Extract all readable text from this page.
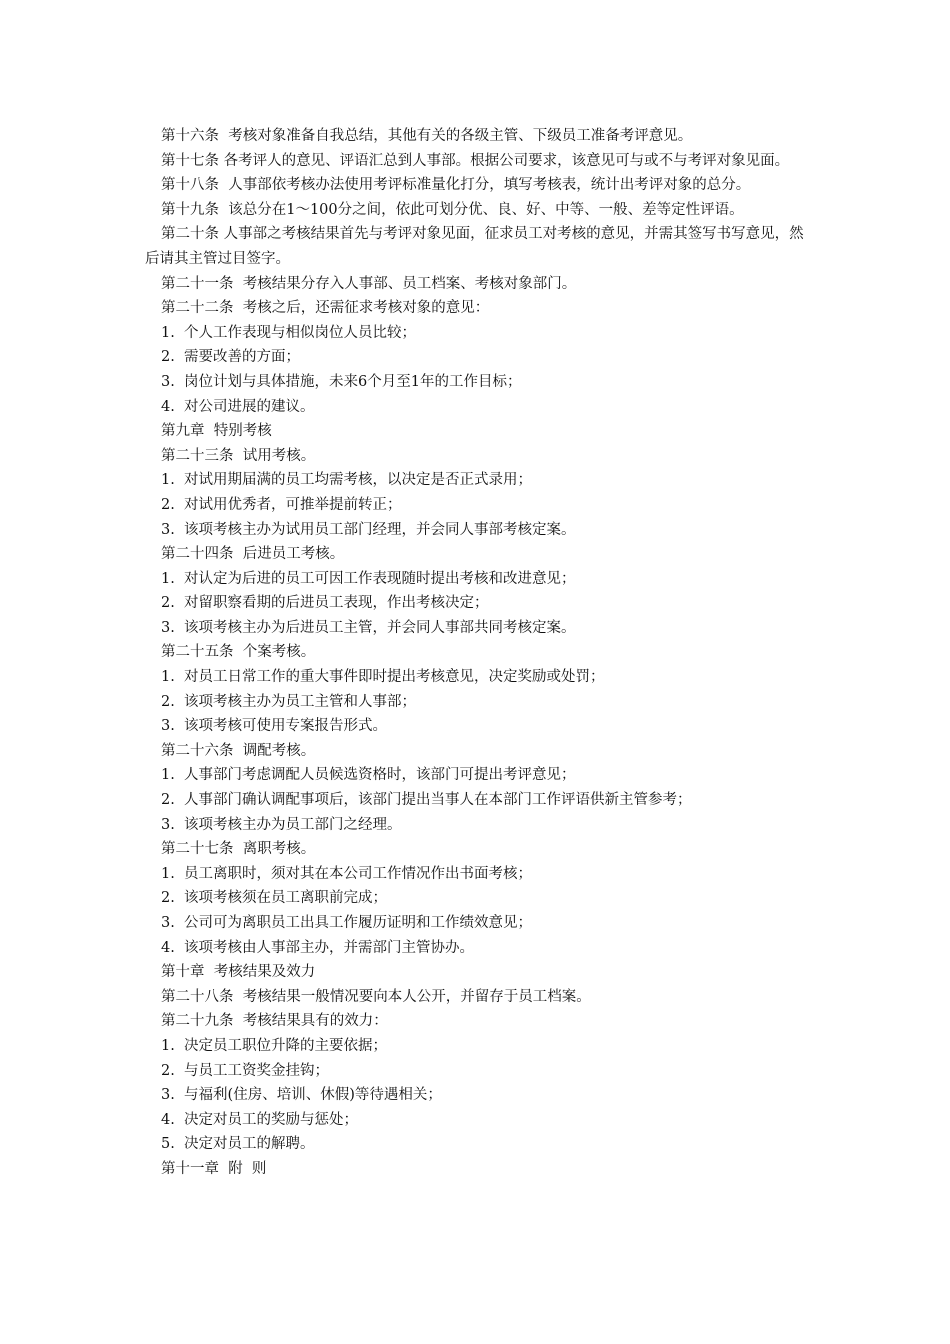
第十六条  考核对象准备自我总结，其他有关的各级主管、下级员工准备考评意见。
第十七条 各考评人的意见、评语汇总到人事部。根据公司要求，该意见可与或不与考评对象见面。
第十八条  人事部依考核办法使用考评标准量化打分，填写考核表，统计出考评对象的总分。
第十九条  该总分在1～100分之间，依此可划分优、良、好、中等、一般、差等定性评语。
第二十条 人事部之考核结果首先与考评对象见面，征求员工对考核的意见，并需其签写书写意见，然后请其主管过目签字。
第二十一条  考核结果分存入人事部、员工档案、考核对象部门。
第二十二条  考核之后，还需征求考核对象的意见：
1.  个人工作表现与相似岗位人员比较；
2.  需要改善的方面；
3.  岗位计划与具体措施，未来6个月至1年的工作目标；
4.  对公司进展的建议。
第九章  特别考核
第二十三条  试用考核。
1.  对试用期届满的员工均需考核，以决定是否正式录用；
2.  对试用优秀者，可推举提前转正；
3.  该项考核主办为试用员工部门经理，并会同人事部考核定案。
第二十四条  后进员工考核。
1.  对认定为后进的员工可因工作表现随时提出考核和改进意见；
2.  对留职察看期的后进员工表现，作出考核决定；
3.  该项考核主办为后进员工主管，并会同人事部共同考核定案。
第二十五条  个案考核。
1.  对员工日常工作的重大事件即时提出考核意见，决定奖励或处罚；
2.  该项考核主办为员工主管和人事部；
3.  该项考核可使用专案报告形式。
第二十六条  调配考核。
1.  人事部门考虑调配人员候选资格时，该部门可提出考评意见；
2.  人事部门确认调配事项后，该部门提出当事人在本部门工作评语供新主管参考；
3.  该项考核主办为员工部门之经理。
第二十七条  离职考核。
1.  员工离职时，须对其在本公司工作情况作出书面考核；
2.  该项考核须在员工离职前完成；
3.  公司可为离职员工出具工作履历证明和工作绩效意见；
4.  该项考核由人事部主办，并需部门主管协办。
第十章  考核结果及效力
第二十八条  考核结果一般情况要向本人公开，并留存于员工档案。
第二十九条  考核结果具有的效力：
1.  决定员工职位升降的主要依据；
2.  与员工工资奖金挂钩；
3.  与福利(住房、培训、休假)等待遇相关；
4.  决定对员工的奖励与惩处；
5.  决定对员工的解聘。
第十一章  附  则
